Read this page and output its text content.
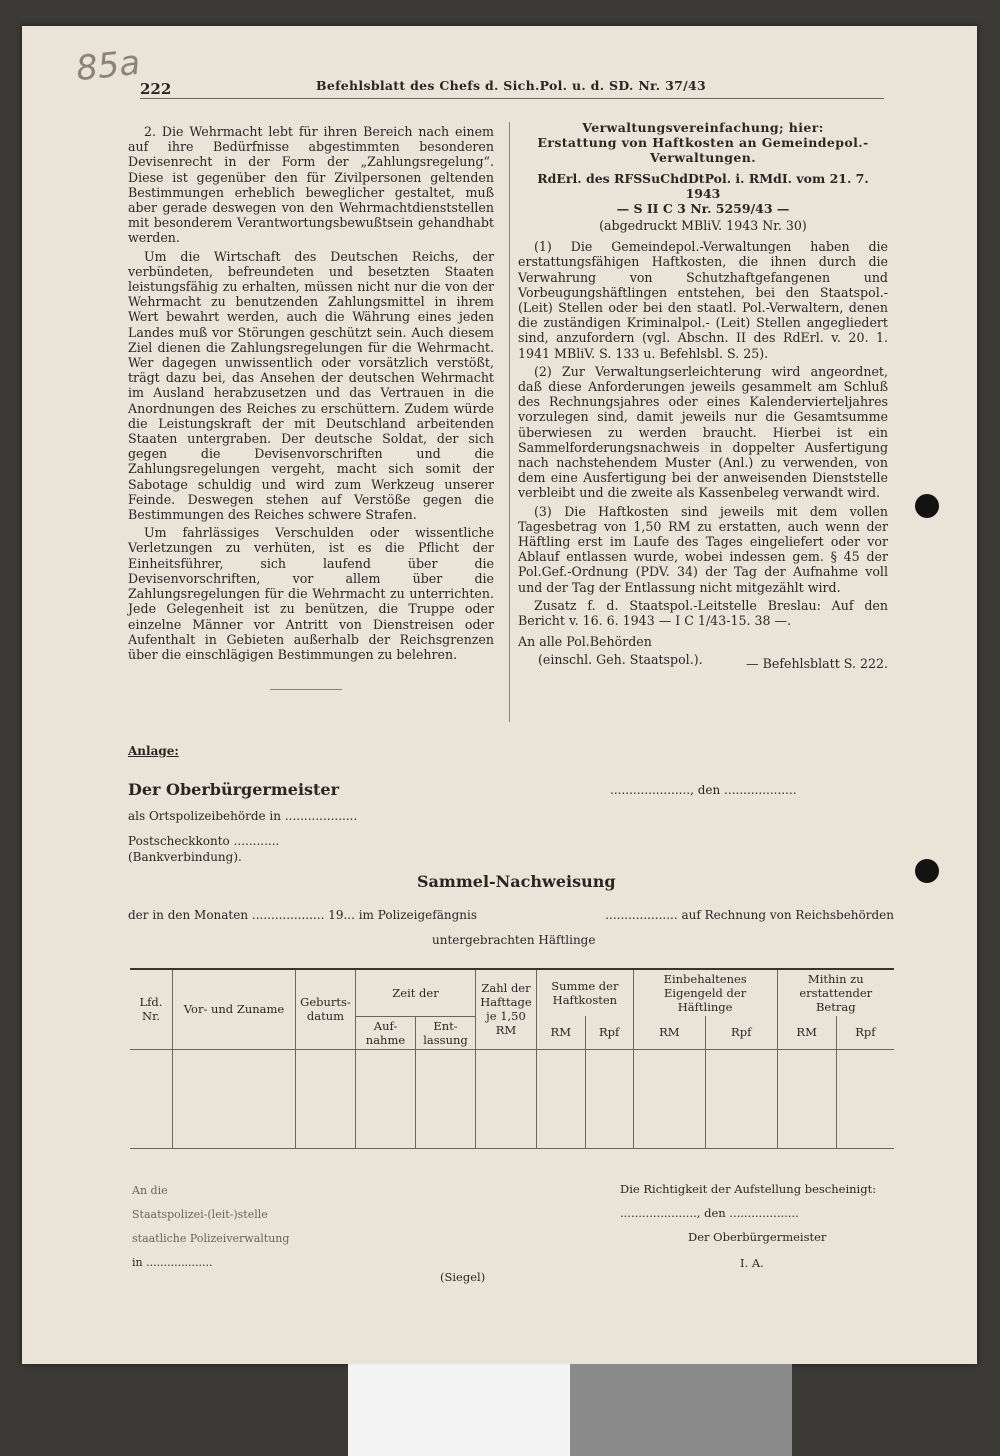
85a
222	Befehlsblatt des Chefs d. Sich.Pol. u. d. SD. Nr. 37/43

2. Die Wehrmacht lebt für ihren Bereich nach einem auf ihre Bedürfnisse abgestimmten besonderen Devisenrecht in der Form der „Zahlungsregelung“. Diese ist gegenüber den für Zivilpersonen geltenden Bestimmungen erheblich beweglicher gestaltet, muß aber gerade deswegen von den Wehrmachtdienststellen mit besonderem Verantwortungsbewußtsein gehandhabt werden.

Um die Wirtschaft des Deutschen Reichs, der verbündeten, befreundeten und besetzten Staaten leistungsfähig zu erhalten, müssen nicht nur die von der Wehrmacht zu benutzenden Zahlungsmittel in ihrem Wert bewahrt werden, auch die Währung eines jeden Landes muß vor Störungen geschützt sein. Auch diesem Ziel dienen die Zahlungsregelungen für die Wehrmacht. Wer dagegen unwissentlich oder vorsätzlich verstößt, trägt dazu bei, das Ansehen der deutschen Wehrmacht im Ausland herabzusetzen und das Vertrauen in die Anordnungen des Reiches zu erschüttern. Zudem würde die Leistungskraft der mit Deutschland arbeitenden Staaten untergraben. Der deutsche Soldat, der sich gegen die Devisenvorschriften und die Zahlungsregelungen vergeht, macht sich somit der Sabotage schuldig und wird zum Werkzeug unserer Feinde. Deswegen stehen auf Verstöße gegen die Bestimmungen des Reiches schwere Strafen.

Um fahrlässiges Verschulden oder wissentliche Verletzungen zu verhüten, ist es die Pflicht der Einheitsführer, sich laufend über die Devisenvorschriften, vor allem über die Zahlungsregelungen für die Wehrmacht zu unterrichten. Jede Gelegenheit ist zu benützen, die Truppe oder einzelne Männer vor Antritt von Dienstreisen oder Aufenthalt in Gebieten außerhalb der Reichsgrenzen über die einschlägigen Bestimmungen zu belehren.

Verwaltungsvereinfachung; hier:
Erstattung von Haftkosten an Gemeindepol.-
Verwaltungen.
RdErl. des RFSSuChdDtPol. i. RMdI. vom 21. 7. 1943
— S II C 3 Nr. 5259/43 —
(abgedruckt MBliV. 1943 Nr. 30)

(1) Die Gemeindepol.-Verwaltungen haben die erstattungsfähigen Haftkosten, die ihnen durch die Verwahrung von Schutzhaftgefangenen und Vorbeugungshäftlingen entstehen, bei den Staatspol.-(Leit) Stellen oder bei den staatl. Pol.-Verwaltern, denen die zuständigen Kriminalpol.- (Leit) Stellen angegliedert sind, anzufordern (vgl. Abschn. II des RdErl. v. 20. 1. 1941 MBliV. S. 133 u. Befehlsbl. S. 25).

(2) Zur Verwaltungserleichterung wird angeordnet, daß diese Anforderungen jeweils gesammelt am Schluß des Rechnungsjahres oder eines Kalendervierteljahres vorzulegen sind, damit jeweils nur die Gesamtsumme überwiesen zu werden braucht. Hierbei ist ein Sammelforderungsnachweis in doppelter Ausfertigung nach nachstehendem Muster (Anl.) zu verwenden, von dem eine Ausfertigung bei der anweisenden Dienststelle verbleibt und die zweite als Kassenbeleg verwandt wird.

(3) Die Haftkosten sind jeweils mit dem vollen Tagesbetrag von 1,50 RM zu erstatten, auch wenn der Häftling erst im Laufe des Tages eingeliefert oder vor Ablauf entlassen wurde, wobei indessen gem. § 45 der Pol.Gef.-Ordnung (PDV. 34) der Tag der Aufnahme voll und der Tag der Entlassung nicht mitgezählt wird.

Zusatz f. d. Staatspol.-Leitstelle Breslau: Auf den Bericht v. 16. 6. 1943 — I C 1/43-15. 38 —.

An alle Pol.Behörden

(einschl. Geh. Staatspol.).	— Befehlsblatt S. 222.
Anlage:
Der Oberbürgermeister	....................., den ...................
als Ortspolizeibehörde in ...................
Postscheckkonto ............
(Bankverbindung).
Sammel-Nachweisung
der in den Monaten ................... 19... im Polizeigefängnis	................... auf Rechnung von Reichsbehörden
untergebrachten Häftlinge
Lfd. Nr.	Vor- und Zuname	Geburts-datum	Zeit der		Zahl der Hafttage je 1,50 RM	Summe der Haftkosten		Einbehaltenes Eigengeld der Häftlinge		Mithin zu erstattender Betrag	
			Auf-nahme	Ent-lassung		RM	Rpf	RM	Rpf	RM	Rpf

An die
Staatspolizei-(leit-)stelle
staatliche Polizeiverwaltung
in ...................
Die Richtigkeit der Aufstellung bescheinigt:
....................., den ...................
Der Oberbürgermeister
I. A.
(Siegel)
